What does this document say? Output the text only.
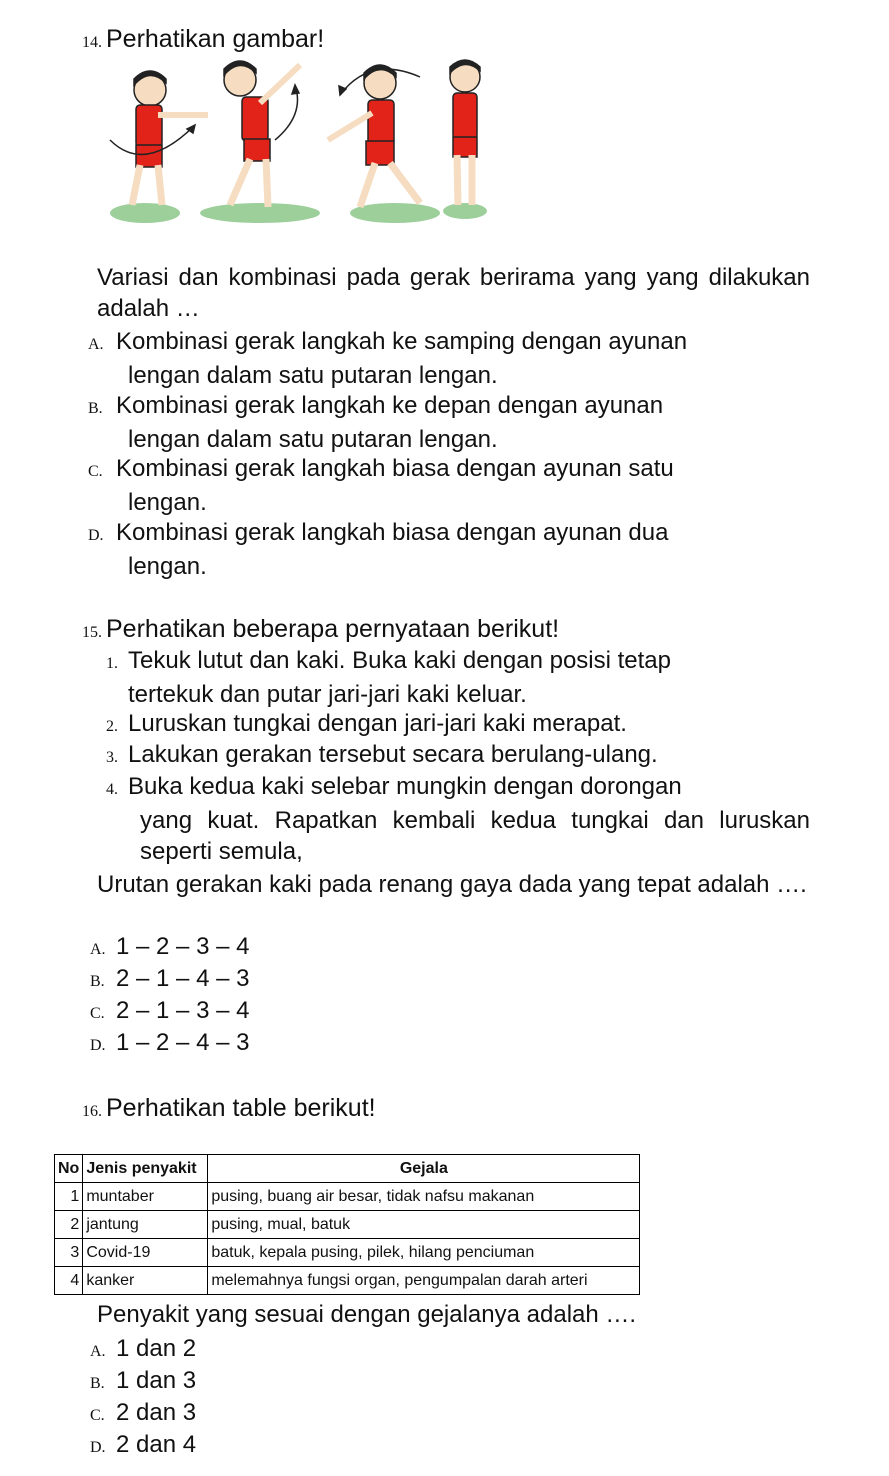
14. Perhatikan gambar!
Variasi dan kombinasi pada gerak berirama yang yang dilakukan adalah …
A. Kombinasi gerak langkah ke samping dengan ayunan
lengan dalam satu putaran lengan.
B. Kombinasi gerak langkah ke depan dengan ayunan
lengan dalam satu putaran lengan.
C. Kombinasi gerak langkah biasa dengan ayunan satu
lengan.
D. Kombinasi gerak langkah biasa dengan ayunan dua
lengan.
15. Perhatikan beberapa pernyataan berikut!
1. Tekuk lutut dan kaki. Buka kaki dengan posisi tetap
tertekuk dan putar jari-jari kaki keluar.
2. Luruskan tungkai dengan jari-jari kaki merapat.
3. Lakukan gerakan tersebut secara berulang-ulang.
4. Buka kedua kaki selebar mungkin dengan dorongan
yang kuat. Rapatkan kembali kedua tungkai dan luruskan seperti semula,
Urutan gerakan kaki pada renang gaya dada yang tepat adalah ….
A. 1 – 2 – 3 – 4
B. 2 – 1 – 4 – 3
C. 2 – 1 – 3 – 4
D. 1 – 2 – 4 – 3
16. Perhatikan table berikut!
No	Jenis penyakit	Gejala
1	muntaber	pusing, buang air besar, tidak nafsu makanan
2	jantung	pusing, mual, batuk
3	Covid-19	batuk, kepala pusing, pilek, hilang penciuman
4	kanker	melemahnya fungsi organ, pengumpalan darah arteri
Penyakit yang sesuai dengan gejalanya adalah ….
A. 1 dan 2
B. 1 dan 3
C. 2 dan 3
D. 2 dan 4
